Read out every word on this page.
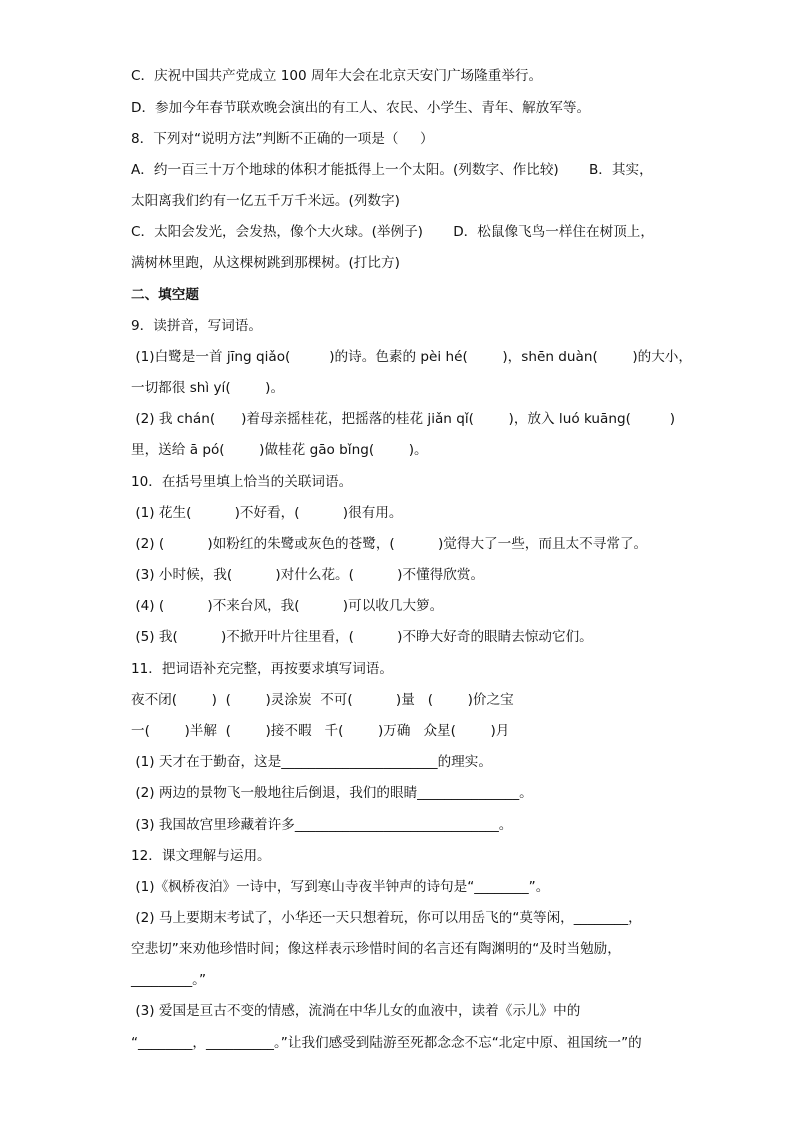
C．庆祝中国共产党成立 100 周年大会在北京天安门广场隆重举行。
D．参加今年春节联欢晚会演出的有工人、农民、小学生、青年、解放军等。
8．下列对“说明方法”判断不正确的一项是（     ）
A．约一百三十万个地球的体积才能抵得上一个太阳。(列数字、作比较)       B．其实，
太阳离我们约有一亿五千万千米远。(列数字)
C．太阳会发光，会发热，像个大火球。(举例子)       D．松鼠像飞鸟一样住在树顶上，
满树林里跑，从这棵树跳到那棵树。(打比方)
二、填空题
9．读拼音，写词语。
(1)白鹭是一首 jīng qiǎo(         )的诗。色素的 pèi hé(        )，shēn duàn(        )的大小，
一切都很 shì yí(        )。
(2) 我 chán(      )着母亲摇桂花，把摇落的桂花 jiǎn qǐ(        )，放入 luó kuāng(         )
里，送给 ā pó(        )做桂花 gāo bǐng(        )。
10．在括号里填上恰当的关联词语。
(1) 花生(          )不好看，(          )很有用。
(2) (          )如粉红的朱鹭或灰色的苍鹭，(          )觉得大了一些，而且太不寻常了。
(3) 小时候，我(          )对什么花。(          )不懂得欣赏。
(4) (          )不来台风，我(          )可以收几大箩。
(5) 我(          )不掀开叶片往里看，(          )不睁大好奇的眼睛去惊动它们。
11．把词语补充完整，再按要求填写词语。
夜不闭(        )  (        )灵涂炭  不可(          )量   (        )价之宝
一(        )半解  (        )接不暇   千(        )万确   众星(        )月
(1) 天才在于勤奋，这是_______________________的理实。
(2) 两边的景物飞一般地往后倒退，我们的眼睛_______________。
(3) 我国故宫里珍藏着许多______________________________。
12．课文理解与运用。
(1)《枫桥夜泊》一诗中，写到寒山寺夜半钟声的诗句是“________”。
(2) 马上要期末考试了，小华还一天只想着玩，你可以用岳飞的“莫等闲，________，
空悲切”来劝他珍惜时间；像这样表示珍惜时间的名言还有陶渊明的“及时当勉励，
_________。”
(3) 爱国是亘古不变的情感，流淌在中华儿女的血液中，读着《示儿》中的
“________，__________。”让我们感受到陆游至死都念念不忘“北定中原、祖国统一”的
